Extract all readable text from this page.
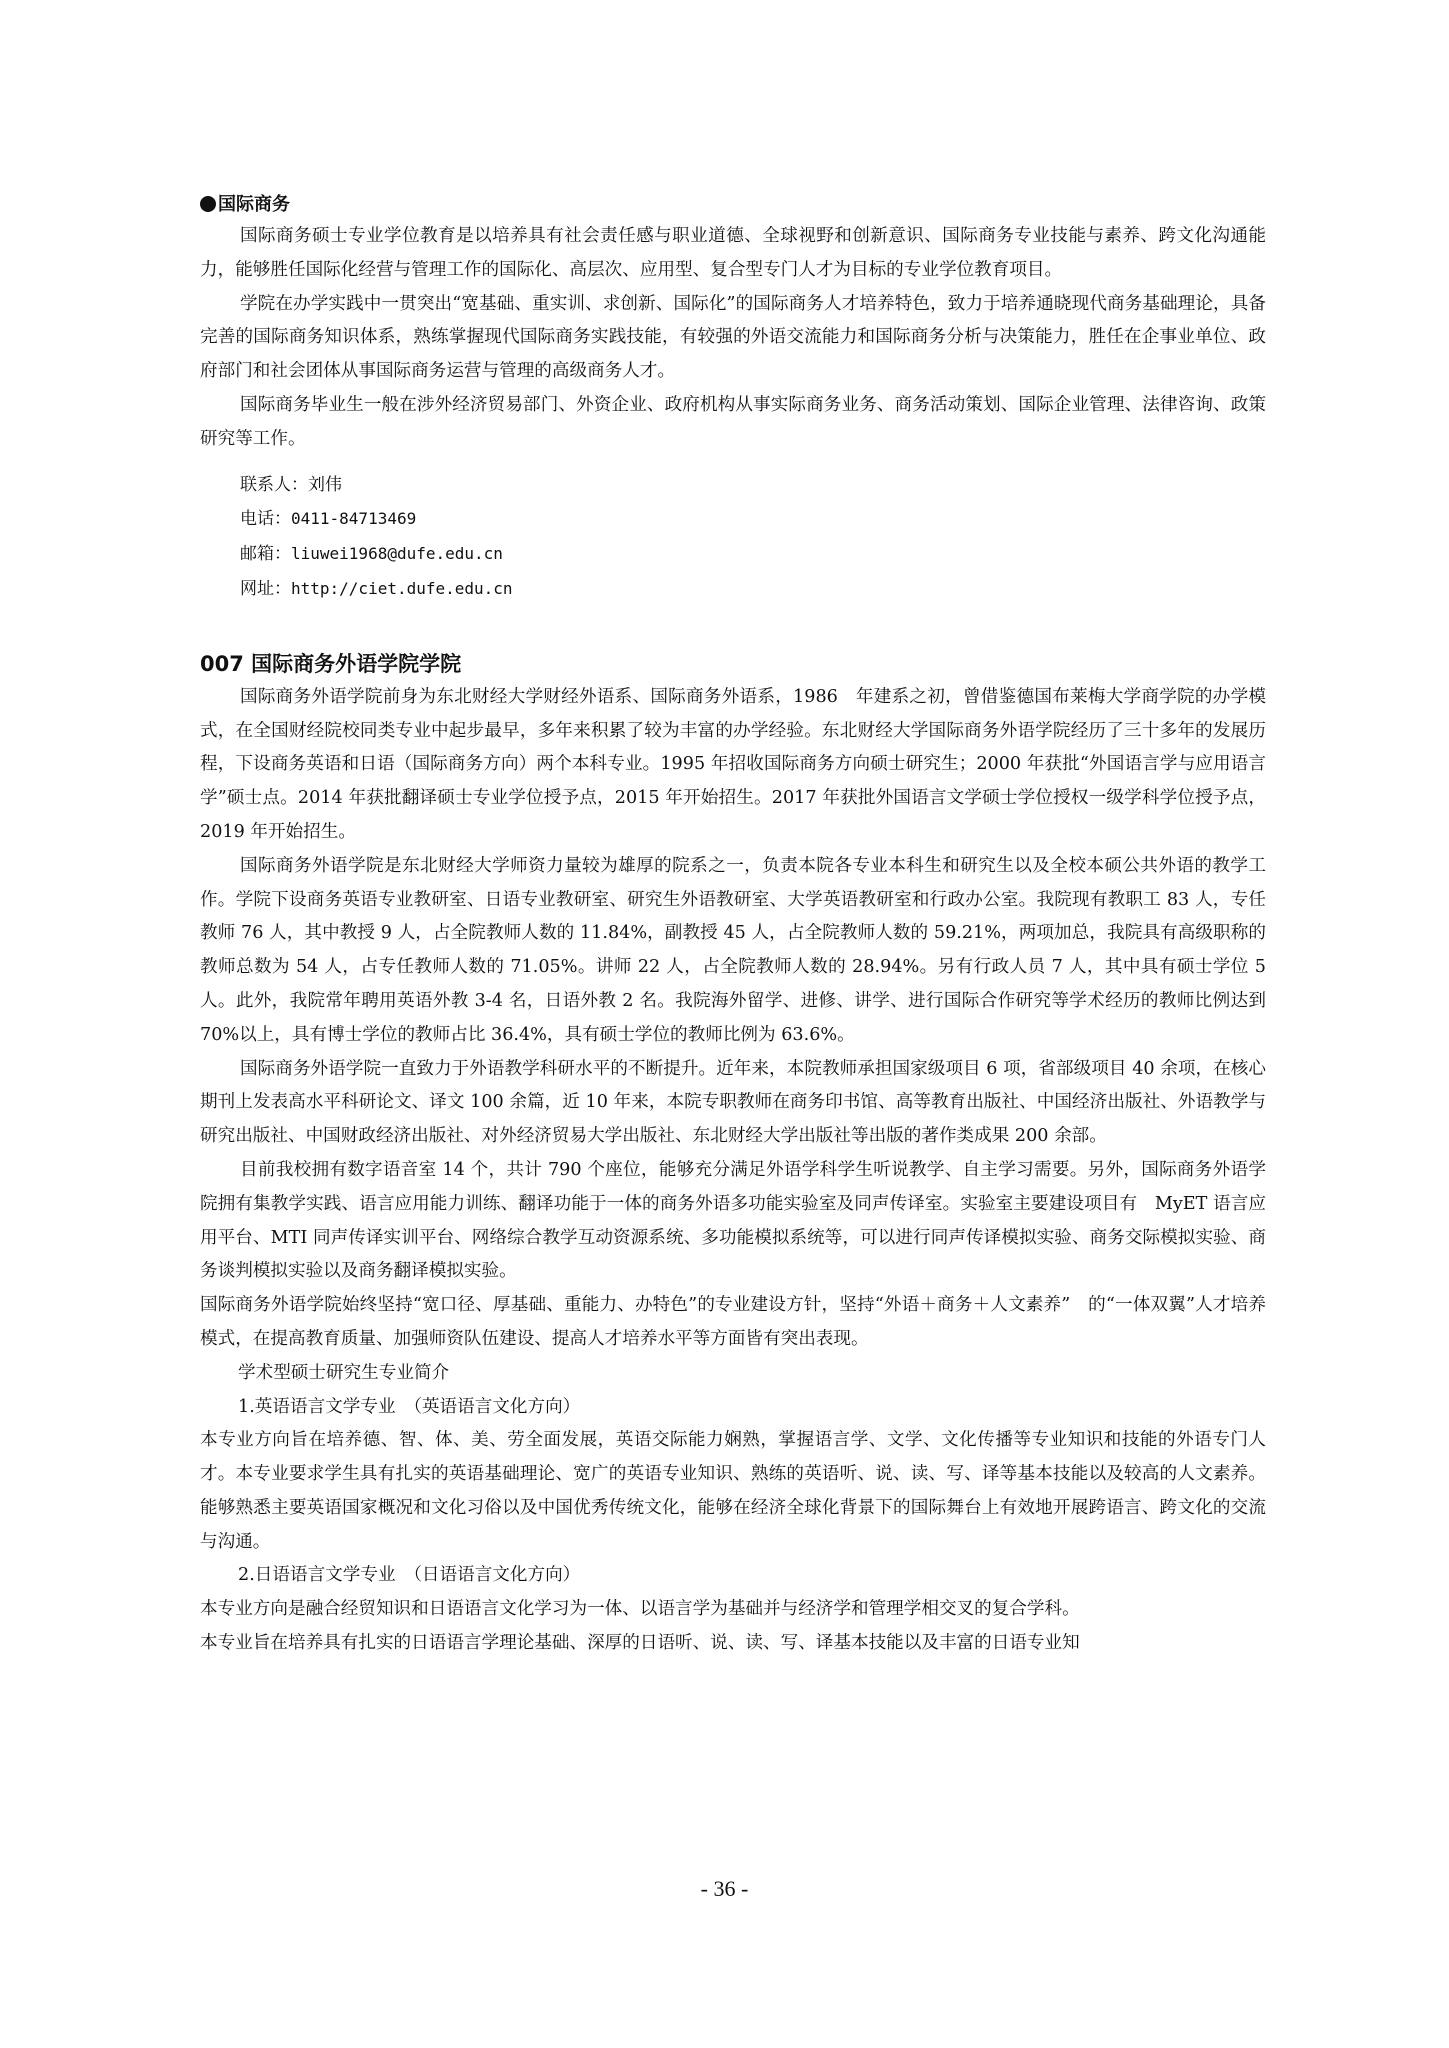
国际商务

国际商务硕士专业学位教育是以培养具有社会责任感与职业道德、全球视野和创新意识、国际商务专业技能与素养、跨文化沟通能力，能够胜任国际化经营与管理工作的国际化、高层次、应用型、复合型专门人才为目标的专业学位教育项目。

学院在办学实践中一贯突出“宽基础、重实训、求创新、国际化”的国际商务人才培养特色，致力于培养通晓现代商务基础理论，具备完善的国际商务知识体系，熟练掌握现代国际商务实践技能，有较强的外语交流能力和国际商务分析与决策能力，胜任在企事业单位、政府部门和社会团体从事国际商务运营与管理的高级商务人才。

国际商务毕业生一般在涉外经济贸易部门、外资企业、政府机构从事实际商务业务、商务活动策划、国际企业管理、法律咨询、政策研究等工作。

联系人：刘伟
电话：0411-84713469
邮箱：liuwei1968@dufe.edu.cn
网址：http://ciet.dufe.edu.cn
007 国际商务外语学院学院

国际商务外语学院前身为东北财经大学财经外语系、国际商务外语系，1986　年建系之初，曾借鉴德国布莱梅大学商学院的办学模式，在全国财经院校同类专业中起步最早，多年来积累了较为丰富的办学经验。东北财经大学国际商务外语学院经历了三十多年的发展历程，下设商务英语和日语（国际商务方向）两个本科专业。1995 年招收国际商务方向硕士研究生；2000 年获批“外国语言学与应用语言学”硕士点。2014 年获批翻译硕士专业学位授予点，2015 年开始招生。2017 年获批外国语言文学硕士学位授权一级学科学位授予点，2019 年开始招生。

国际商务外语学院是东北财经大学师资力量较为雄厚的院系之一，负责本院各专业本科生和研究生以及全校本硕公共外语的教学工作。学院下设商务英语专业教研室、日语专业教研室、研究生外语教研室、大学英语教研室和行政办公室。我院现有教职工 83 人，专任教师 76 人，其中教授 9 人，占全院教师人数的 11.84%，副教授 45 人，占全院教师人数的 59.21%，两项加总，我院具有高级职称的教师总数为 54 人，占专任教师人数的 71.05%。讲师 22 人，占全院教师人数的 28.94%。另有行政人员 7 人，其中具有硕士学位 5 人。此外，我院常年聘用英语外教 3-4 名，日语外教 2 名。我院海外留学、进修、讲学、进行国际合作研究等学术经历的教师比例达到 70%以上，具有博士学位的教师占比 36.4%，具有硕士学位的教师比例为 63.6%。

国际商务外语学院一直致力于外语教学科研水平的不断提升。近年来，本院教师承担国家级项目 6 项，省部级项目 40 余项，在核心期刊上发表高水平科研论文、译文 100 余篇，近 10 年来，本院专职教师在商务印书馆、高等教育出版社、中国经济出版社、外语教学与研究出版社、中国财政经济出版社、对外经济贸易大学出版社、东北财经大学出版社等出版的著作类成果 200 余部。

目前我校拥有数字语音室 14 个，共计 790 个座位，能够充分满足外语学科学生听说教学、自主学习需要。另外，国际商务外语学院拥有集教学实践、语言应用能力训练、翻译功能于一体的商务外语多功能实验室及同声传译室。实验室主要建设项目有　MyET 语言应用平台、MTI 同声传译实训平台、网络综合教学互动资源系统、多功能模拟系统等，可以进行同声传译模拟实验、商务交际模拟实验、商务谈判模拟实验以及商务翻译模拟实验。

国际商务外语学院始终坚持“宽口径、厚基础、重能力、办特色”的专业建设方针，坚持“外语＋商务＋人文素养”　的“一体双翼”人才培养模式，在提高教育质量、加强师资队伍建设、提高人才培养水平等方面皆有突出表现。

学术型硕士研究生专业简介

1.英语语言文学专业　（英语语言文化方向）

本专业方向旨在培养德、智、体、美、劳全面发展，英语交际能力娴熟，掌握语言学、文学、文化传播等专业知识和技能的外语专门人才。本专业要求学生具有扎实的英语基础理论、宽广的英语专业知识、熟练的英语听、说、读、写、译等基本技能以及较高的人文素养。能够熟悉主要英语国家概况和文化习俗以及中国优秀传统文化，能够在经济全球化背景下的国际舞台上有效地开展跨语言、跨文化的交流与沟通。

2.日语语言文学专业　（日语语言文化方向）

本专业方向是融合经贸知识和日语语言文化学习为一体、以语言学为基础并与经济学和管理学相交叉的复合学科。

本专业旨在培养具有扎实的日语语言学理论基础、深厚的日语听、说、读、写、译基本技能以及丰富的日语专业知

- 36 -
